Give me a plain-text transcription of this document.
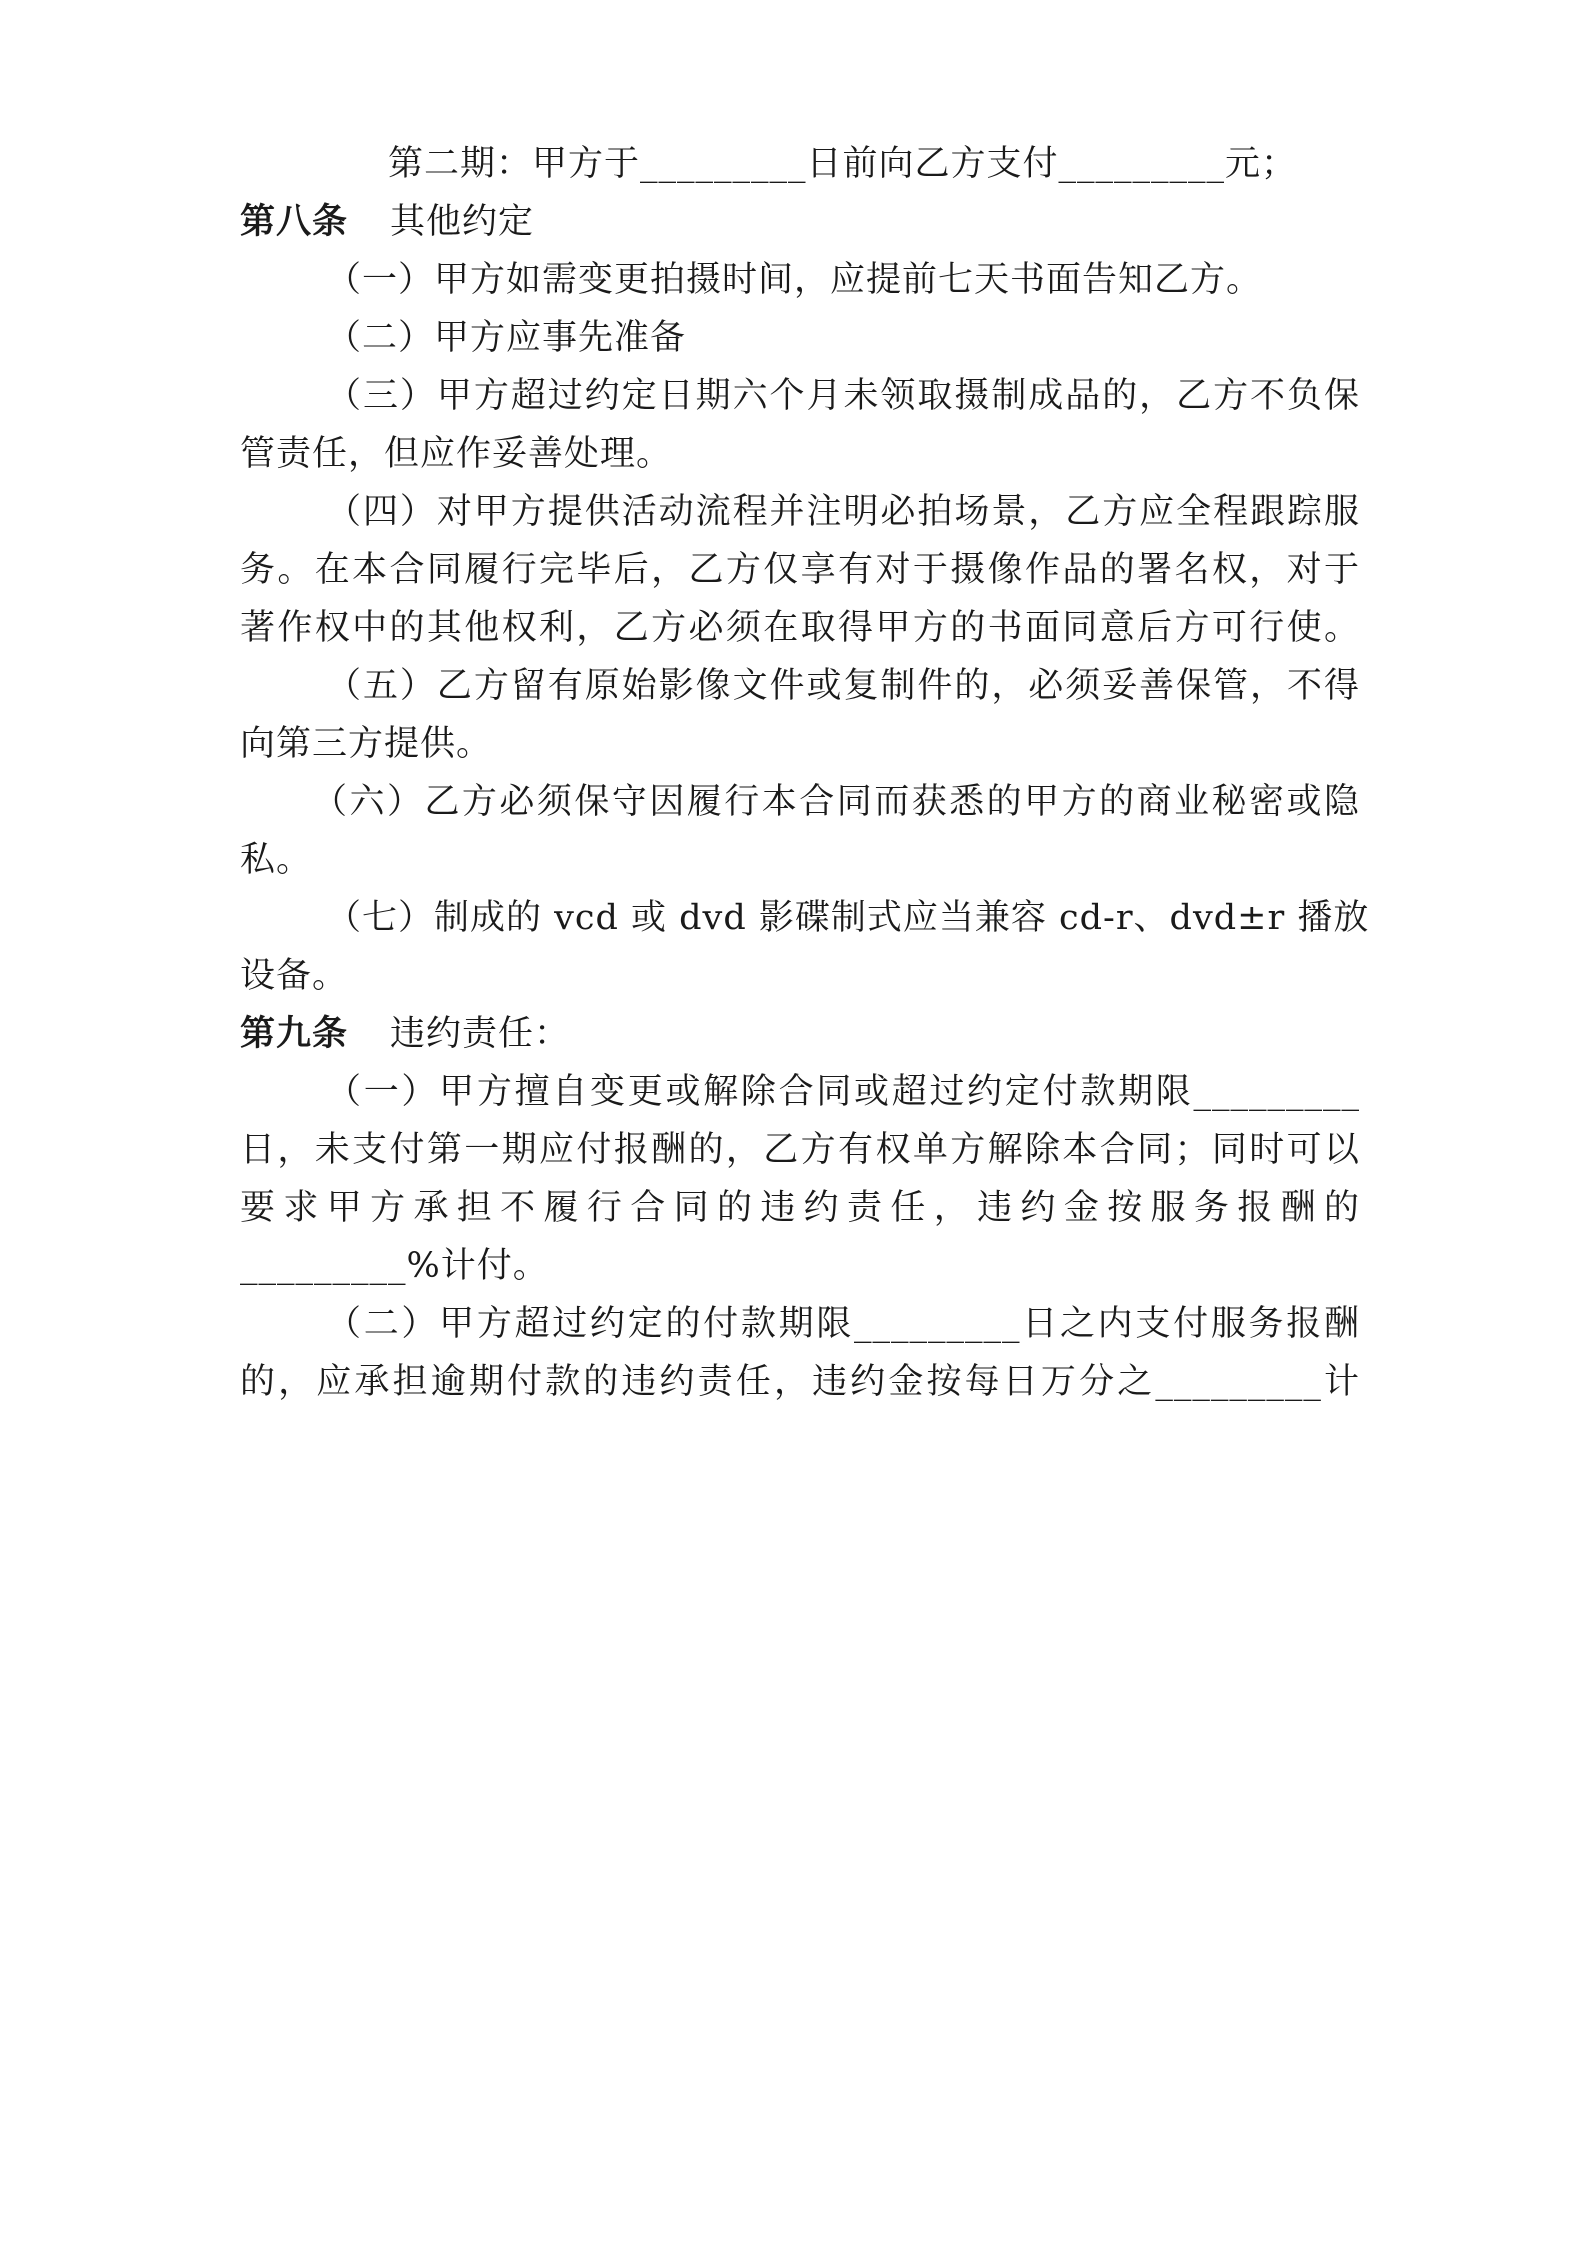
第二期：甲方于_________日前向乙方支付_________元；
第八条 其他约定
（一）甲方如需变更拍摄时间，应提前七天书面告知乙方。
（二）甲方应事先准备
（三）甲方超过约定日期六个月未领取摄制成品的，乙方不负保
管责任，但应作妥善处理。
（四）对甲方提供活动流程并注明必拍场景，乙方应全程跟踪服
务。在本合同履行完毕后，乙方仅享有对于摄像作品的署名权，对于
著作权中的其他权利，乙方必须在取得甲方的书面同意后方可行使。
（五）乙方留有原始影像文件或复制件的，必须妥善保管，不得
向第三方提供。
（六）乙方必须保守因履行本合同而获悉的甲方的商业秘密或隐
私。
（七）制成的 vcd 或 dvd 影碟制式应当兼容 cd-r、dvd±r 播放
设备。
第九条 违约责任：
（一）甲方擅自变更或解除合同或超过约定付款期限_________
日，未支付第一期应付报酬的，乙方有权单方解除本合同；同时可以
要求甲方承担不履行合同的违约责任，违约金按服务报酬的
_________%计付。
（二）甲方超过约定的付款期限_________日之内支付服务报酬
的，应承担逾期付款的违约责任，违约金按每日万分之_________计
